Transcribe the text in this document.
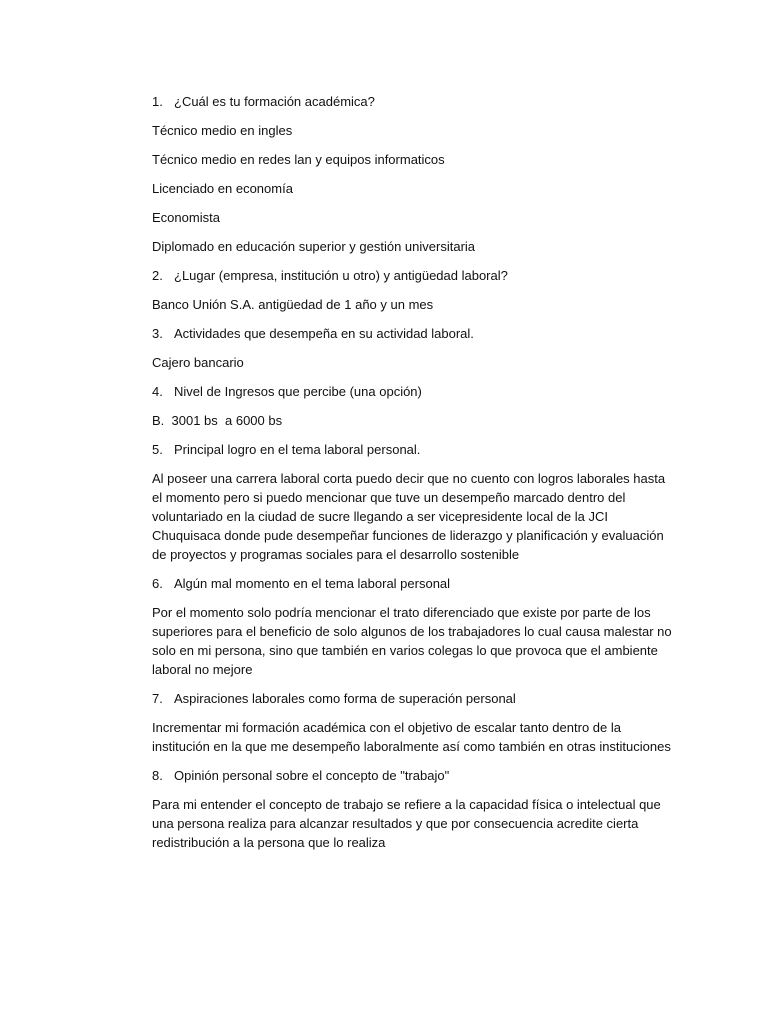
1. ¿Cuál es tu formación académica?
Técnico medio en ingles
Técnico medio en redes lan y equipos informaticos
Licenciado en economía
Economista
Diplomado en educación superior y gestión universitaria
2. ¿Lugar (empresa, institución u otro) y antigüedad laboral?
Banco Unión S.A. antigüedad de 1 año y un mes
3. Actividades que desempeña en su actividad laboral.
Cajero bancario
4. Nivel de Ingresos que percibe (una opción)
B.  3001 bs  a 6000 bs
5. Principal logro en el tema laboral personal.
Al poseer una carrera laboral corta puedo decir que no cuento con logros laborales hasta el momento pero si puedo mencionar que tuve un desempeño marcado dentro del voluntariado en la ciudad de sucre llegando a ser vicepresidente local de la JCI Chuquisaca donde pude desempeñar funciones de liderazgo y planificación y evaluación de proyectos y programas sociales para el desarrollo sostenible
6. Algún mal momento en el tema laboral personal
Por el momento solo podría mencionar el trato diferenciado que existe por parte de los superiores para el beneficio de solo algunos de los trabajadores lo cual causa malestar no solo en mi persona, sino que también en varios colegas lo que provoca que el ambiente laboral no mejore
7. Aspiraciones laborales como forma de superación personal
Incrementar mi formación académica con el objetivo de escalar tanto dentro de la institución en la que me desempeño laboralmente así como también en otras instituciones
8. Opinión personal sobre el concepto de "trabajo"
Para mi entender el concepto de trabajo se refiere a la capacidad física o intelectual que una persona realiza para alcanzar resultados y que por consecuencia acredite cierta redistribución a la persona que lo realiza
